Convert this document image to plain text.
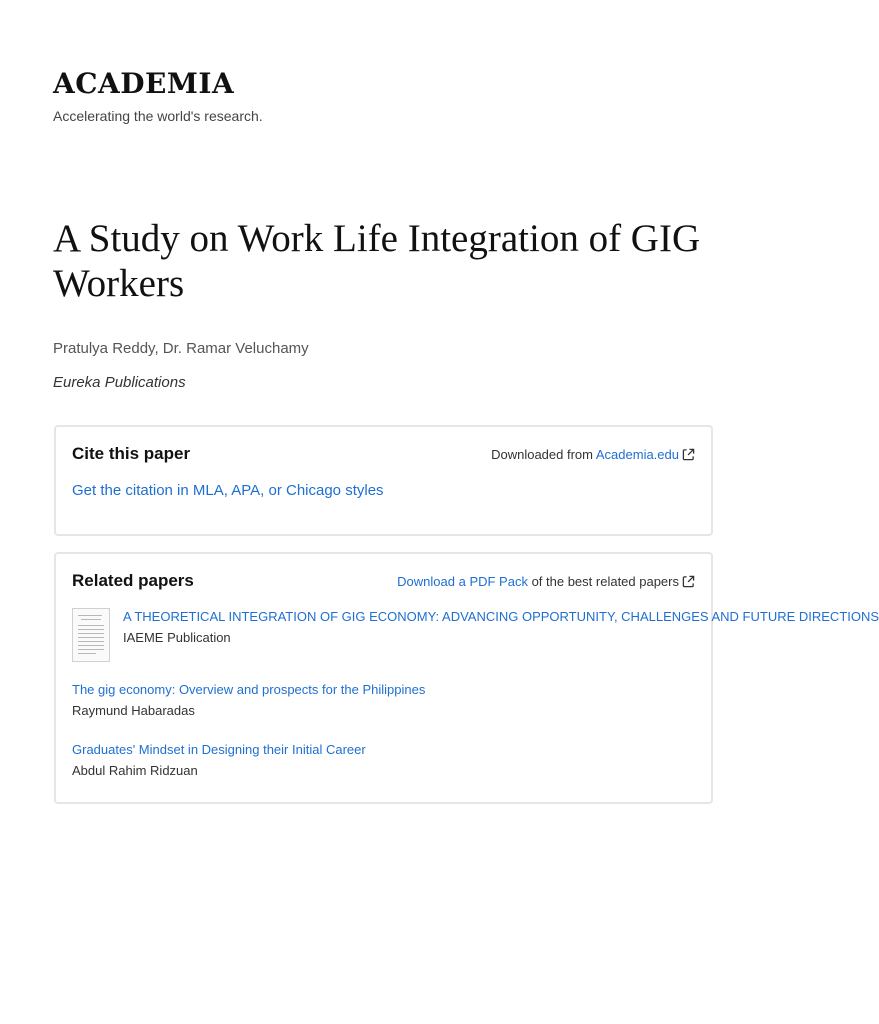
ACADEMIA
Accelerating the world's research.
A Study on Work Life Integration of GIG Workers
Pratulya Reddy, Dr. Ramar Veluchamy
Eureka Publications
Cite this paper	Downloaded from Academia.edu
Get the citation in MLA, APA, or Chicago styles
Related papers	Download a PDF Pack of the best related papers
A THEORETICAL INTEGRATION OF GIG ECONOMY: ADVANCING OPPORTUNITY, CHALLENGES AND FUTURE DIRECTIONS
IAEME Publication
The gig economy: Overview and prospects for the Philippines
Raymund Habaradas
Graduates' Mindset in Designing their Initial Career
Abdul Rahim Ridzuan
